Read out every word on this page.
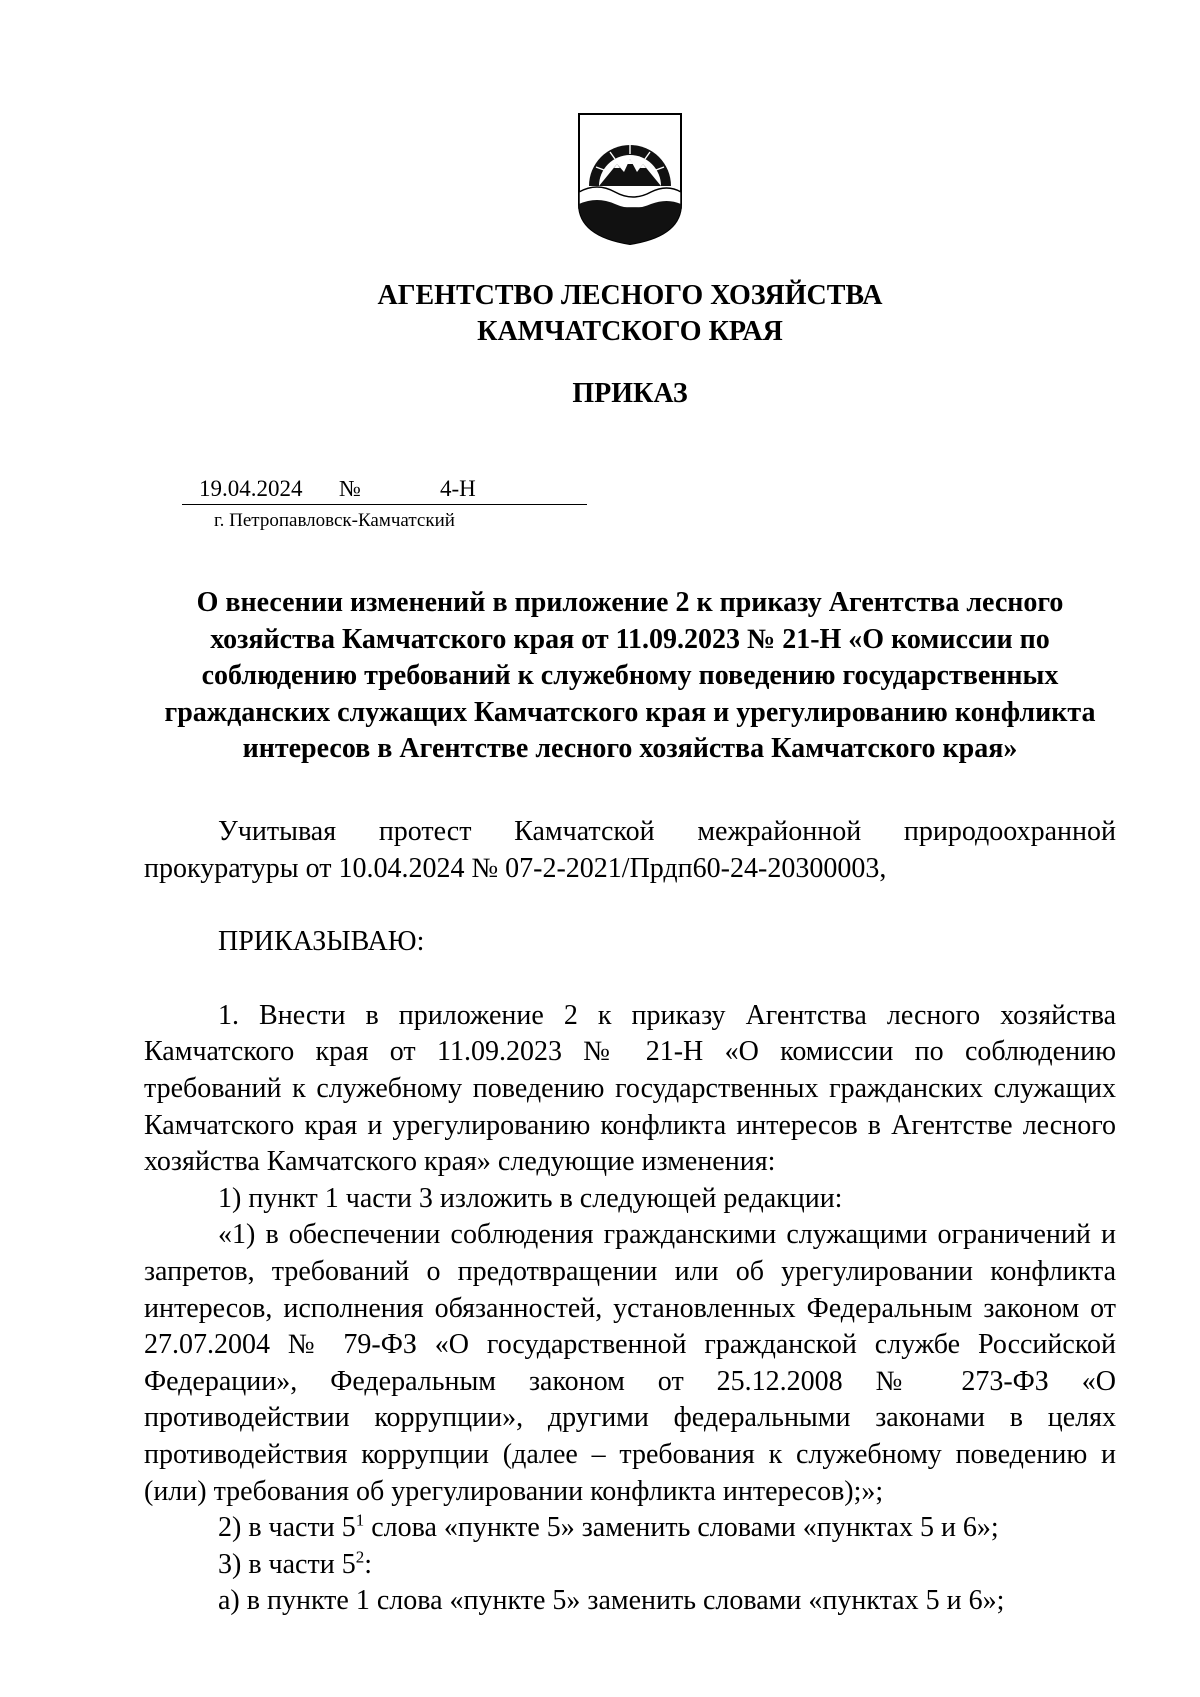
АГЕНТСТВО ЛЕСНОГО ХОЗЯЙСТВА
КАМЧАТСКОГО КРАЯ
ПРИКАЗ
19.04.2024 №	4-Н
г. Петропавловск-Камчатский
О внесении изменений в приложение 2 к приказу Агентства лесного
хозяйства Камчатского края от 11.09.2023 № 21-Н «О комиссии по
соблюдению требований к служебному поведению государственных
гражданских служащих Камчатского края и урегулированию конфликта
интересов в Агентстве лесного хозяйства Камчатского края»

Учитывая протест Камчатской межрайонной природоохранной прокуратуры от 10.04.2024 № 07-2-2021/Прдп60-24-20300003,

ПРИКАЗЫВАЮ:

1. Внести в приложение 2 к приказу Агентства лесного хозяйства Камчатского края от 11.09.2023 № 21-Н «О комиссии по соблюдению требований к служебному поведению государственных гражданских служащих Камчатского края и урегулированию конфликта интересов в Агентстве лесного хозяйства Камчатского края» следующие изменения:

1) пункт 1 части 3 изложить в следующей редакции:

«1) в обеспечении соблюдения гражданскими служащими ограничений и запретов, требований о предотвращении или об урегулировании конфликта интересов, исполнения обязанностей, установленных Федеральным законом от 27.07.2004 № 79-ФЗ «О государственной гражданской службе Российской Федерации», Федеральным законом от 25.12.2008 № 273-ФЗ «О противодействии коррупции», другими федеральными законами в целях противодействия коррупции (далее – требования к служебному поведению и (или) требования об урегулировании конфликта интересов);»;

2) в части $5^1$ слова «пункте 5» заменить словами «пунктах 5 и 6»;

3) в части $5^2$:

а) в пункте 1 слова «пункте 5» заменить словами «пунктах 5 и 6»;
